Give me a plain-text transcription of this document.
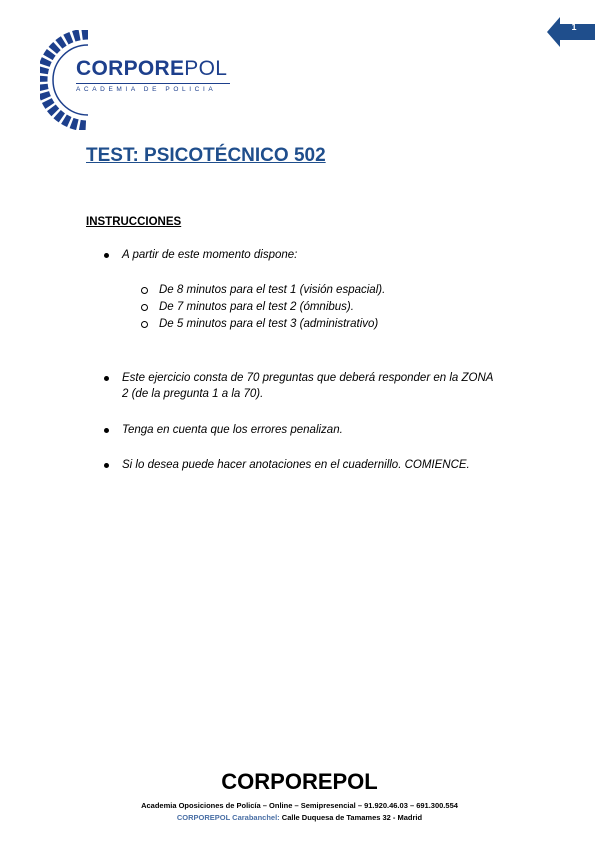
1
CORPOREPOL
ACADEMIA DE POLICIA
TEST: PSICOTÉCNICO 502
INSTRUCCIONES
A partir de este momento dispone:
De 8 minutos para el test 1 (visión espacial).
De 7 minutos para el test 2 (ómnibus).
De 5 minutos para el test 3 (administrativo)
Este ejercicio consta de 70 preguntas que deberá responder en la ZONA 2 (de la pregunta 1 a la 70).
Tenga en cuenta que los errores penalizan.
Si lo desea puede hacer anotaciones en el cuadernillo. COMIENCE.
CORPOREPOL
Academia Oposiciones de Policía – Online – Semipresencial – 91.920.46.03 – 691.300.554
CORPOREPOL Carabanchel: Calle Duquesa de Tamames 32 - Madrid
